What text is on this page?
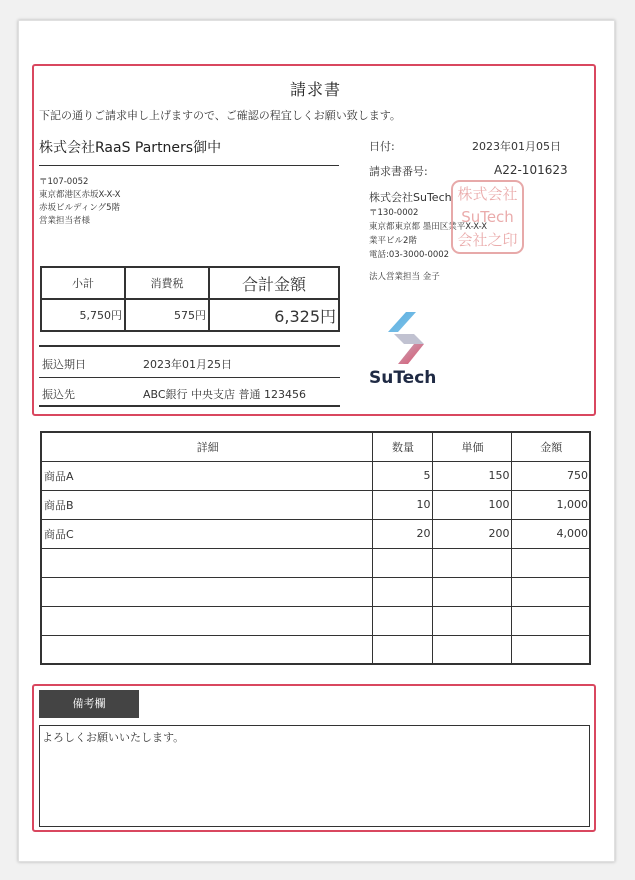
請求書
下記の通りご請求申し上げますので、ご確認の程宜しくお願い致します。
株式会社RaaS Partners御中
〒107-0052
東京都港区赤坂X-X-X
赤坂ビルディング5階
営業担当者様
小計	消費税	合計金額
5,750円	575円	6,325円
振込期日	2023年01月25日
振込先	ABC銀行 中央支店 普通 123456
日付:	2023年01月05日
請求書番号:	A22-101623
株式会社SuTech
〒130-0002
東京都東京都 墨田区業平X-X-X
業平ビル2階
電話:03-3000-0002
法人営業担当 金子
株式会社
SuTech
会社之印
SuTech
詳細	数量	単価	金額
商品A	5	150	750
商品B	10	100	1,000
商品C	20	200	4,000

備考欄
よろしくお願いいたします。
